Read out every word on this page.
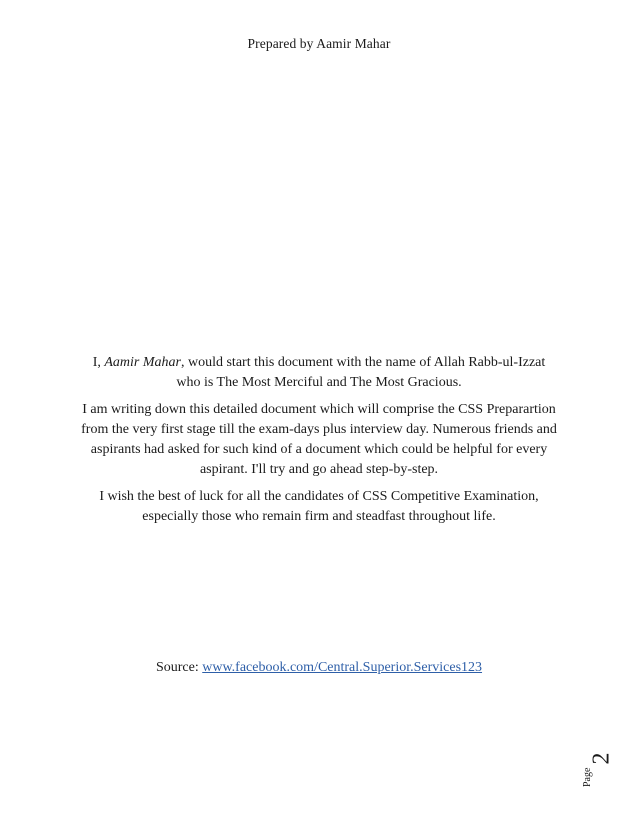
Prepared by Aamir Mahar

I, Aamir Mahar, would start this document with the name of Allah Rabb-ul-Izzat
who is The Most Merciful and The Most Gracious.

I am writing down this detailed document which will comprise the CSS Preparartion from the very first stage till the exam-days plus interview day. Numerous friends and aspirants had asked for such kind of a document which could be helpful for every aspirant. I'll try and go ahead step-by-step.

I wish the best of luck for all the candidates of CSS Competitive Examination, especially those who remain firm and steadfast throughout life.

Source: www.facebook.com/Central.Superior.Services123
Page
2
